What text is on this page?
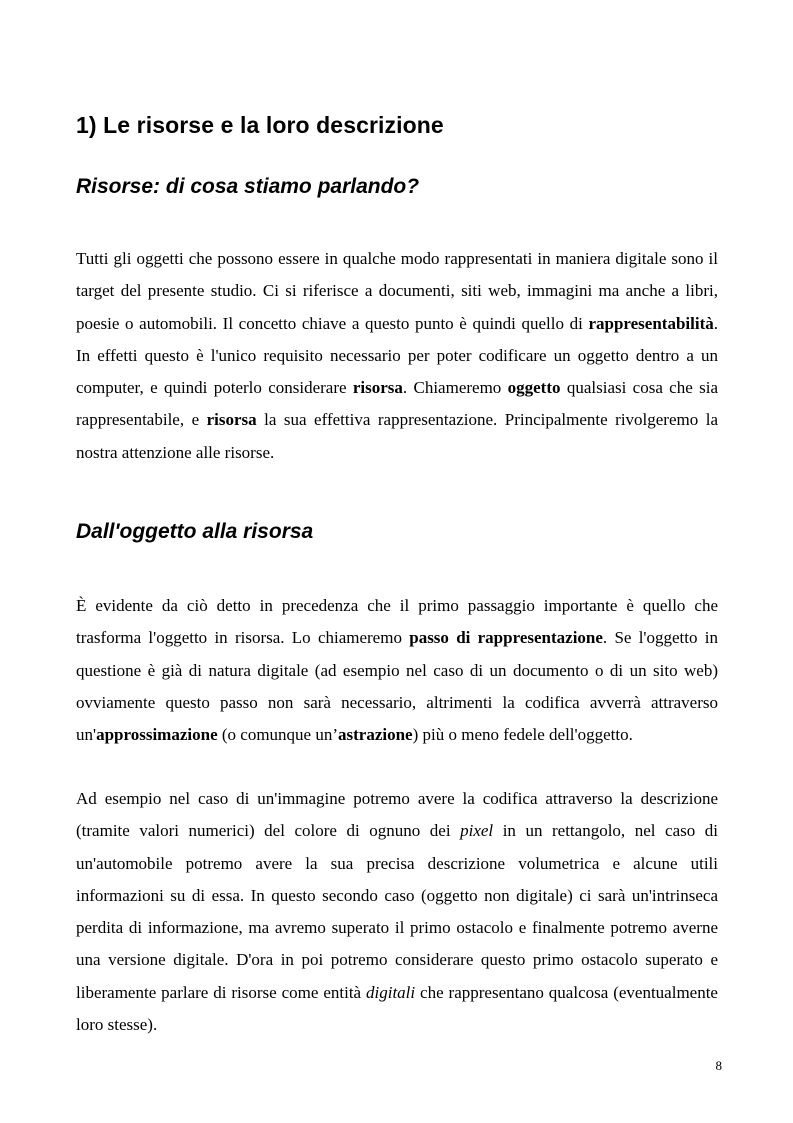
1) Le risorse e la loro descrizione
Risorse: di cosa stiamo parlando?

Tutti gli oggetti che possono essere in qualche modo rappresentati in maniera digitale sono il target del presente studio. Ci si riferisce a documenti, siti web, immagini ma anche a libri, poesie o automobili. Il concetto chiave a questo punto è quindi quello di rappresentabilità. In effetti questo è l'unico requisito necessario per poter codificare un oggetto dentro a un computer, e quindi poterlo considerare risorsa. Chiameremo oggetto qualsiasi cosa che sia rappresentabile, e risorsa la sua effettiva rappresentazione. Principalmente rivolgeremo la nostra attenzione alle risorse.

Dall'oggetto alla risorsa

È evidente da ciò detto in precedenza che il primo passaggio importante è quello che trasforma l'oggetto in risorsa. Lo chiameremo passo di rappresentazione. Se l'oggetto in questione è già di natura digitale (ad esempio nel caso di un documento o di un sito web) ovviamente questo passo non sarà necessario, altrimenti la codifica avverrà attraverso un'approssimazione (o comunque un’astrazione) più o meno fedele dell'oggetto.

Ad esempio nel caso di un'immagine potremo avere la codifica attraverso la descrizione (tramite valori numerici) del colore di ognuno dei pixel in un rettangolo, nel caso di un'automobile potremo avere la sua precisa descrizione volumetrica e alcune utili informazioni su di essa. In questo secondo caso (oggetto non digitale) ci sarà un'intrinseca perdita di informazione, ma avremo superato il primo ostacolo e finalmente potremo averne una versione digitale. D'ora in poi potremo considerare questo primo ostacolo superato e liberamente parlare di risorse come entità digitali che rappresentano qualcosa (eventualmente loro stesse).

8
